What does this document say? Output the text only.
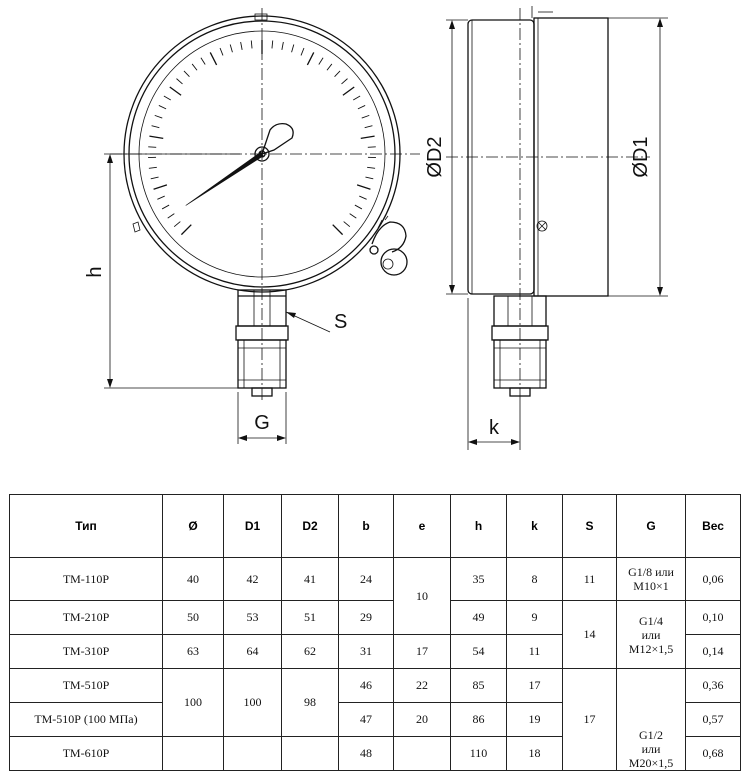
h
S
G
ØD2	ØD1
k
Тип	Ø	D1	D2	b	e	h	k	S	G	Вес
ТМ-110Р	40	42	41	24	10	35	8	11	G1/8 или
M10×1	0,06
ТМ-210Р	50	53	51	29		49	9	14	G1/4
или
M12×1,5	0,10
ТМ-310Р	63	64	62	31	17	54	11			0,14
ТМ-510Р	100	100	98	46	22	85	17	17	G1/2
или
M20×1,5	0,36
ТМ-510Р (100 МПа)				47	20	86	19			0,57
ТМ-610Р				48		110	18			0,68
